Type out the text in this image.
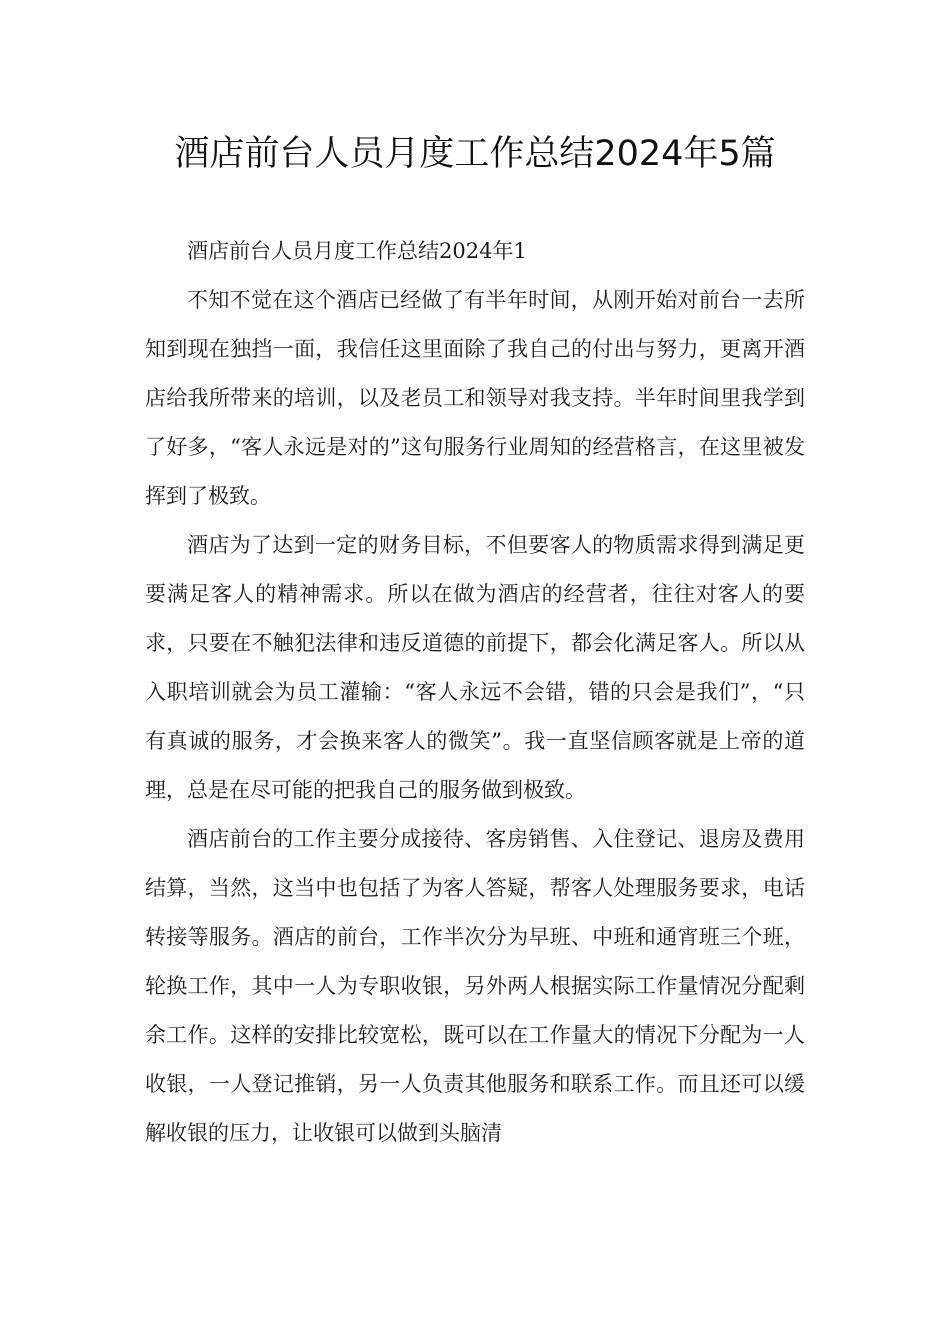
酒店前台人员月度工作总结2024年5篇

酒店前台人员月度工作总结2024年1

不知不觉在这个酒店已经做了有半年时间，从刚开始对前台一去所知到现在独挡一面，我信任这里面除了我自己的付出与努力，更离开酒店给我所带来的培训，以及老员工和领导对我支持。半年时间里我学到了好多，“客人永远是对的”这句服务行业周知的经营格言，在这里被发挥到了极致。

酒店为了达到一定的财务目标，不但要客人的物质需求得到满足更要满足客人的精神需求。所以在做为酒店的经营者，往往对客人的要求，只要在不触犯法律和违反道德的前提下，都会化满足客人。所以从入职培训就会为员工灌输：“客人永远不会错，错的只会是我们”，“只有真诚的服务，才会换来客人的微笑”。我一直坚信顾客就是上帝的道理，总是在尽可能的把我自己的服务做到极致。

酒店前台的工作主要分成接待、客房销售、入住登记、退房及费用结算，当然，这当中也包括了为客人答疑，帮客人处理服务要求，电话转接等服务。酒店的前台，工作半次分为早班、中班和通宵班三个班，轮换工作，其中一人为专职收银，另外两人根据实际工作量情况分配剩余工作。这样的安排比较宽松，既可以在工作量大的情况下分配为一人收银，一人登记推销，另一人负责其他服务和联系工作。而且还可以缓解收银的压力，让收银可以做到头脑清
